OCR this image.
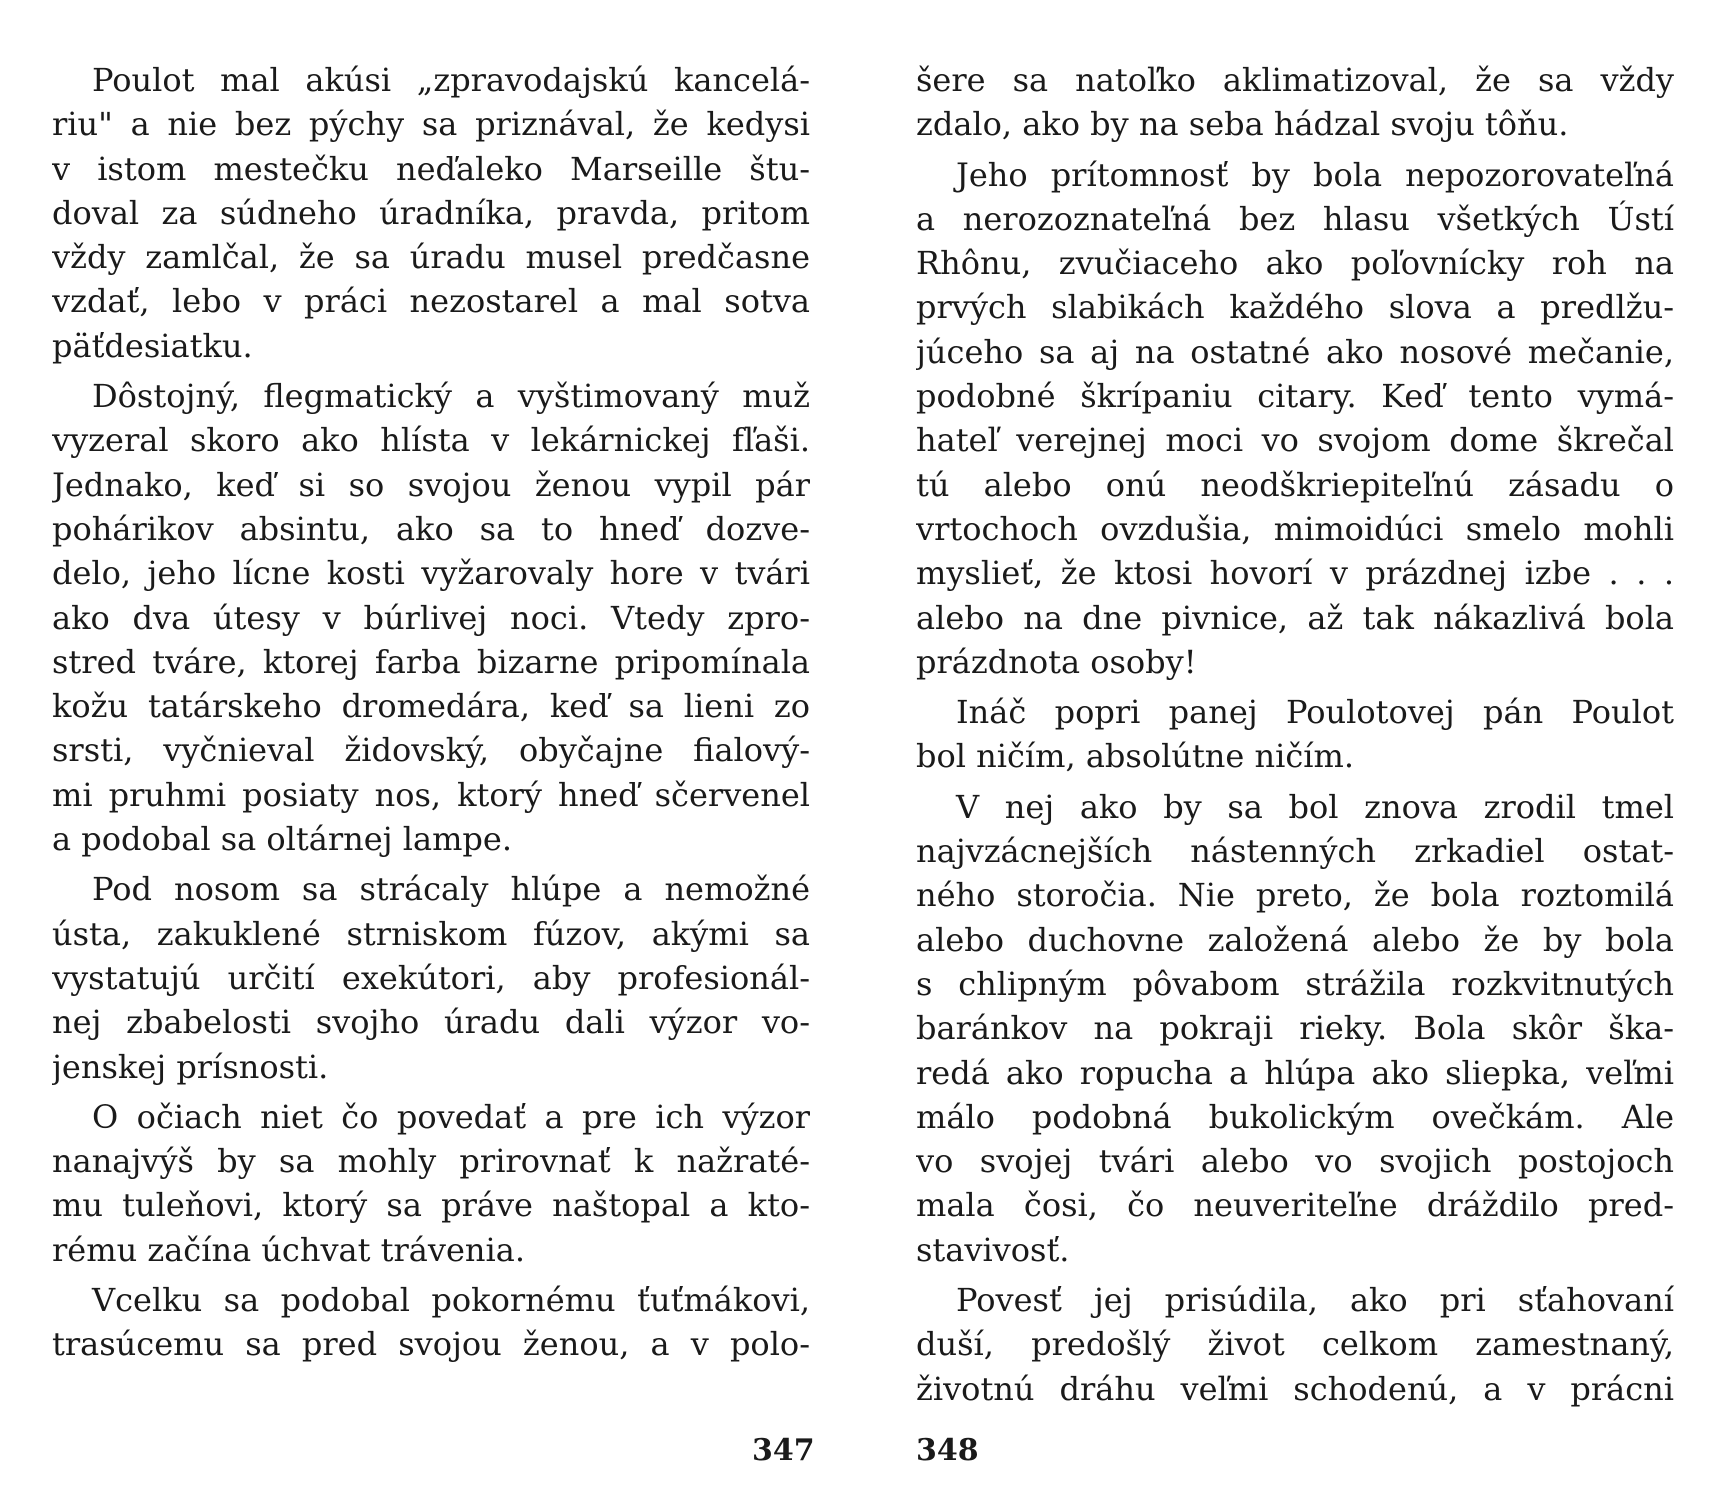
Poulot mal akúsi „zpravodajskú kancelá-
riu" a nie bez pýchy sa priznával, že kedysi
v istom mestečku neďaleko Marseille štu-
doval za súdneho úradníka, pravda, pritom
vždy zamlčal, že sa úradu musel predčasne
vzdať, lebo v práci nezostarel a mal sotva
päťdesiatku.
Dôstojný, flegmatický a vyštimovaný muž
vyzeral skoro ako hlísta v lekárnickej fľaši.
Jednako, keď si so svojou ženou vypil pár
pohárikov absintu, ako sa to hneď dozve-
delo, jeho lícne kosti vyžarovaly hore v tvári
ako dva útesy v búrlivej noci. Vtedy zpro-
stred tváre, ktorej farba bizarne pripomínala
kožu tatárskeho dromedára, keď sa lieni zo
srsti, vyčnieval židovský, obyčajne fialový-
mi pruhmi posiaty nos, ktorý hneď sčervenel
a podobal sa oltárnej lampe.
Pod nosom sa strácaly hlúpe a nemožné
ústa, zakuklené strniskom fúzov, akými sa
vystatujú určití exekútori, aby profesionál-
nej zbabelosti svojho úradu dali výzor vo-
jenskej prísnosti.
O očiach niet čo povedať a pre ich výzor
nanajvýš by sa mohly prirovnať k nažraté-
mu tuleňovi, ktorý sa práve naštopal a kto-
rému začína úchvat trávenia.
Vcelku sa podobal pokornému ťuťmákovi,
trasúcemu sa pred svojou ženou, a v polo-
šere sa natoľko aklimatizoval, že sa vždy
zdalo, ako by na seba hádzal svoju tôňu.
Jeho prítomnosť by bola nepozorovateľná
a nerozoznateľná bez hlasu všetkých Ústí
Rhônu, zvučiaceho ako poľovnícky roh na
prvých slabikách každého slova a predlžu-
júceho sa aj na ostatné ako nosové mečanie,
podobné škrípaniu citary. Keď tento vymá-
hateľ verejnej moci vo svojom dome škrečal
tú alebo onú neodškriepiteľnú zásadu o
vrtochoch ovzdušia, mimoidúci smelo mohli
myslieť, že ktosi hovorí v prázdnej izbe . . .
alebo na dne pivnice, až tak nákazlivá bola
prázdnota osoby!
Ináč popri panej Poulotovej pán Poulot
bol ničím, absolútne ničím.
V nej ako by sa bol znova zrodil tmel
najvzácnejších nástenných zrkadiel ostat-
ného storočia. Nie preto, že bola roztomilá
alebo duchovne založená alebo že by bola
s chlipným pôvabom strážila rozkvitnutých
baránkov na pokraji rieky. Bola skôr ška-
redá ako ropucha a hlúpa ako sliepka, veľmi
málo podobná bukolickým ovečkám. Ale
vo svojej tvári alebo vo svojich postojoch
mala čosi, čo neuveriteľne dráždilo pred-
stavivosť.
Povesť jej prisúdila, ako pri sťahovaní
duší, predošlý život celkom zamestnaný,
životnú dráhu veľmi schodenú, a v prácni
347	348
